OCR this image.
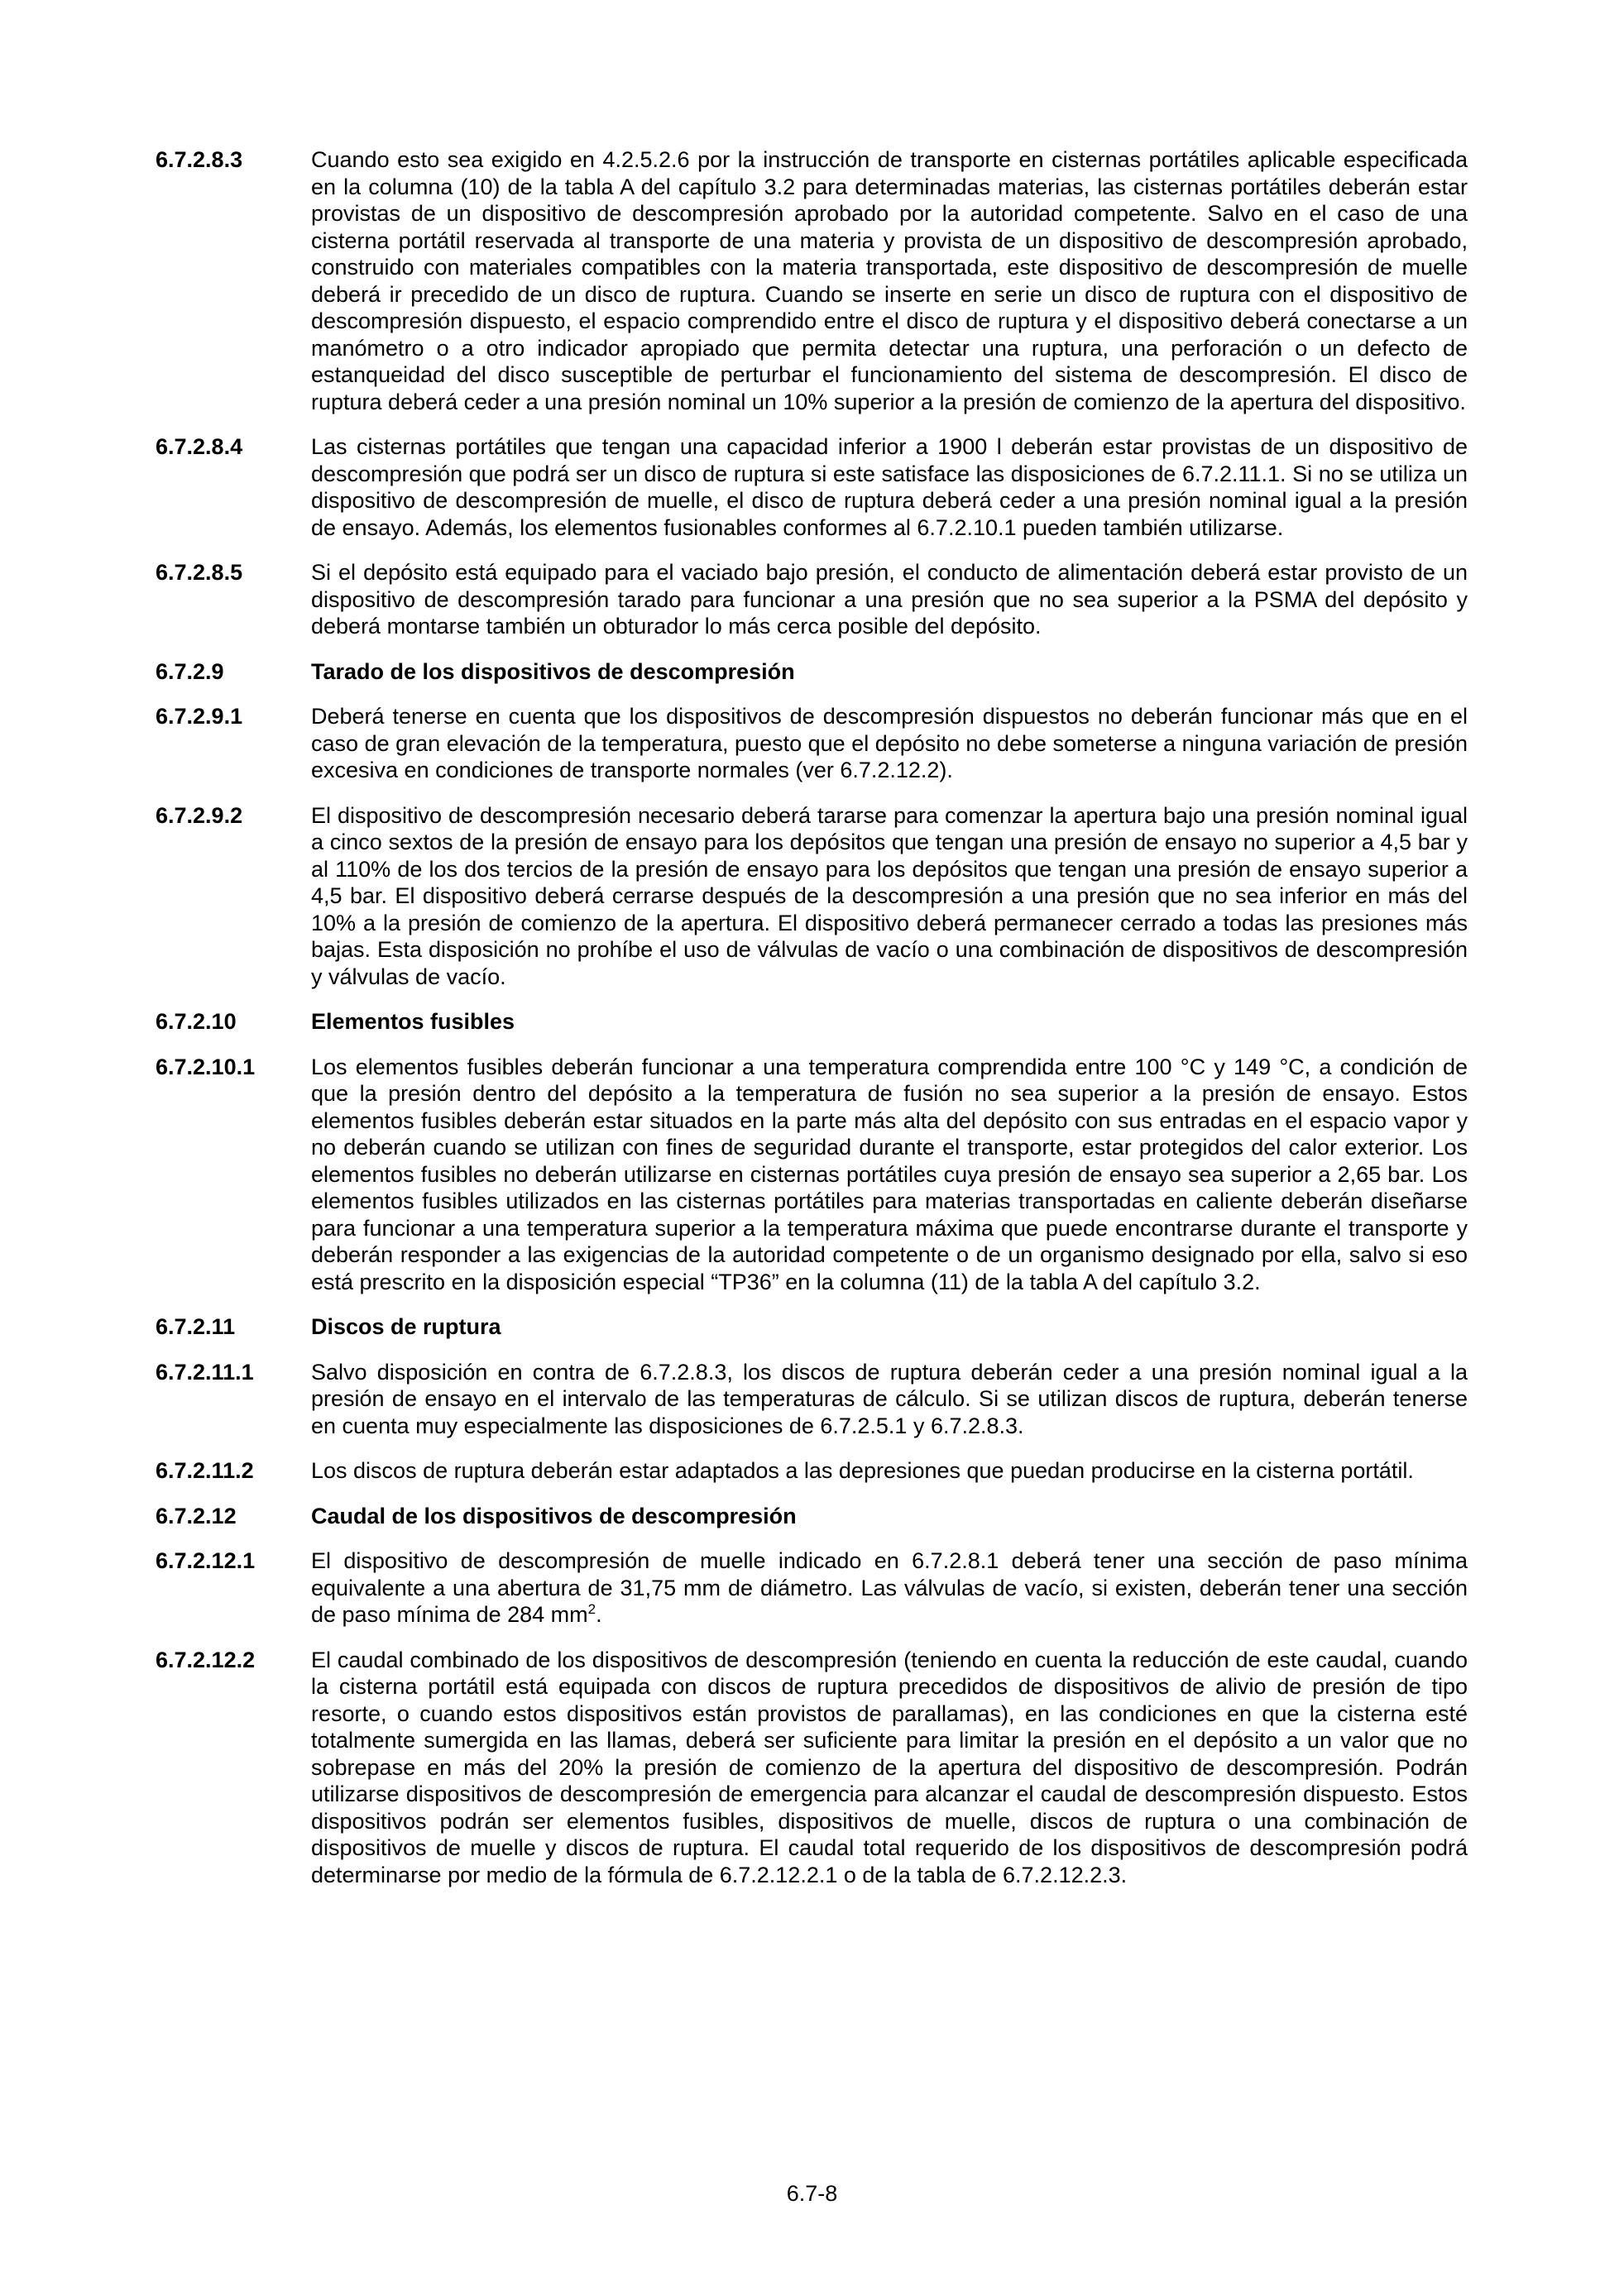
6.7.2.8.3	Cuando esto sea exigido en 4.2.5.2.6 por la instrucción de transporte en cisternas portátiles aplicable especificada en la columna (10) de la tabla A del capítulo 3.2 para determinadas materias, las cisternas portátiles deberán estar provistas de un dispositivo de descompresión aprobado por la autoridad competente. Salvo en el caso de una cisterna portátil reservada al transporte de una materia y provista de un dispositivo de descompresión aprobado, construido con materiales compatibles con la materia transportada, este dispositivo de descompresión de muelle deberá ir precedido de un disco de ruptura. Cuando se inserte en serie un disco de ruptura con el dispositivo de descompresión dispuesto, el espacio comprendido entre el disco de ruptura y el dispositivo deberá conectarse a un manómetro o a otro indicador apropiado que permita detectar una ruptura, una perforación o un defecto de estanqueidad del disco susceptible de perturbar el funcionamiento del sistema de descompresión. El disco de ruptura deberá ceder a una presión nominal un 10% superior a la presión de comienzo de la apertura del dispositivo.
6.7.2.8.4	Las cisternas portátiles que tengan una capacidad inferior a 1900 l deberán estar provistas de un dispositivo de descompresión que podrá ser un disco de ruptura si este satisface las disposiciones de 6.7.2.11.1. Si no se utiliza un dispositivo de descompresión de muelle, el disco de ruptura deberá ceder a una presión nominal igual a la presión de ensayo. Además, los elementos fusionables conformes al 6.7.2.10.1 pueden también utilizarse.
6.7.2.8.5	Si el depósito está equipado para el vaciado bajo presión, el conducto de alimentación deberá estar provisto de un dispositivo de descompresión tarado para funcionar a una presión que no sea superior a la PSMA del depósito y deberá montarse también un obturador lo más cerca posible del depósito.
6.7.2.9	Tarado de los dispositivos de descompresión
6.7.2.9.1	Deberá tenerse en cuenta que los dispositivos de descompresión dispuestos no deberán funcionar más que en el caso de gran elevación de la temperatura, puesto que el depósito no debe someterse a ninguna variación de presión excesiva en condiciones de transporte normales (ver 6.7.2.12.2).
6.7.2.9.2	El dispositivo de descompresión necesario deberá tararse para comenzar la apertura bajo una presión nominal igual a cinco sextos de la presión de ensayo para los depósitos que tengan una presión de ensayo no superior a 4,5 bar y al 110% de los dos tercios de la presión de ensayo para los depósitos que tengan una presión de ensayo superior a 4,5 bar. El dispositivo deberá cerrarse después de la descompresión a una presión que no sea inferior en más del 10% a la presión de comienzo de la apertura. El dispositivo deberá permanecer cerrado a todas las presiones más bajas. Esta disposición no prohíbe el uso de válvulas de vacío o una combinación de dispositivos de descompresión y válvulas de vacío.
6.7.2.10	Elementos fusibles
6.7.2.10.1	Los elementos fusibles deberán funcionar a una temperatura comprendida entre 100 °C y 149 °C, a condición de que la presión dentro del depósito a la temperatura de fusión no sea superior a la presión de ensayo. Estos elementos fusibles deberán estar situados en la parte más alta del depósito con sus entradas en el espacio vapor y no deberán cuando se utilizan con fines de seguridad durante el transporte, estar protegidos del calor exterior. Los elementos fusibles no deberán utilizarse en cisternas portátiles cuya presión de ensayo sea superior a 2,65 bar. Los elementos fusibles utilizados en las cisternas portátiles para materias transportadas en caliente deberán diseñarse para funcionar a una temperatura superior a la temperatura máxima que puede encontrarse durante el transporte y deberán responder a las exigencias de la autoridad competente o de un organismo designado por ella, salvo si eso está prescrito en la disposición especial “TP36” en la columna (11) de la tabla A del capítulo 3.2.
6.7.2.11	Discos de ruptura
6.7.2.11.1	Salvo disposición en contra de 6.7.2.8.3, los discos de ruptura deberán ceder a una presión nominal igual a la presión de ensayo en el intervalo de las temperaturas de cálculo. Si se utilizan discos de ruptura, deberán tenerse en cuenta muy especialmente las disposiciones de 6.7.2.5.1 y 6.7.2.8.3.
6.7.2.11.2	Los discos de ruptura deberán estar adaptados a las depresiones que puedan producirse en la cisterna portátil.
6.7.2.12	Caudal de los dispositivos de descompresión
6.7.2.12.1	El dispositivo de descompresión de muelle indicado en 6.7.2.8.1 deberá tener una sección de paso mínima equivalente a una abertura de 31,75 mm de diámetro. Las válvulas de vacío, si existen, deberán tener una sección de paso mínima de 284 $mm^2$.
6.7.2.12.2	El caudal combinado de los dispositivos de descompresión (teniendo en cuenta la reducción de este caudal, cuando la cisterna portátil está equipada con discos de ruptura precedidos de dispositivos de alivio de presión de tipo resorte, o cuando estos dispositivos están provistos de parallamas), en las condiciones en que la cisterna esté totalmente sumergida en las llamas, deberá ser suficiente para limitar la presión en el depósito a un valor que no sobrepase en más del 20% la presión de comienzo de la apertura del dispositivo de descompresión. Podrán utilizarse dispositivos de descompresión de emergencia para alcanzar el caudal de descompresión dispuesto. Estos dispositivos podrán ser elementos fusibles, dispositivos de muelle, discos de ruptura o una combinación de dispositivos de muelle y discos de ruptura. El caudal total requerido de los dispositivos de descompresión podrá determinarse por medio de la fórmula de 6.7.2.12.2.1 o de la tabla de 6.7.2.12.2.3.
6.7-8
